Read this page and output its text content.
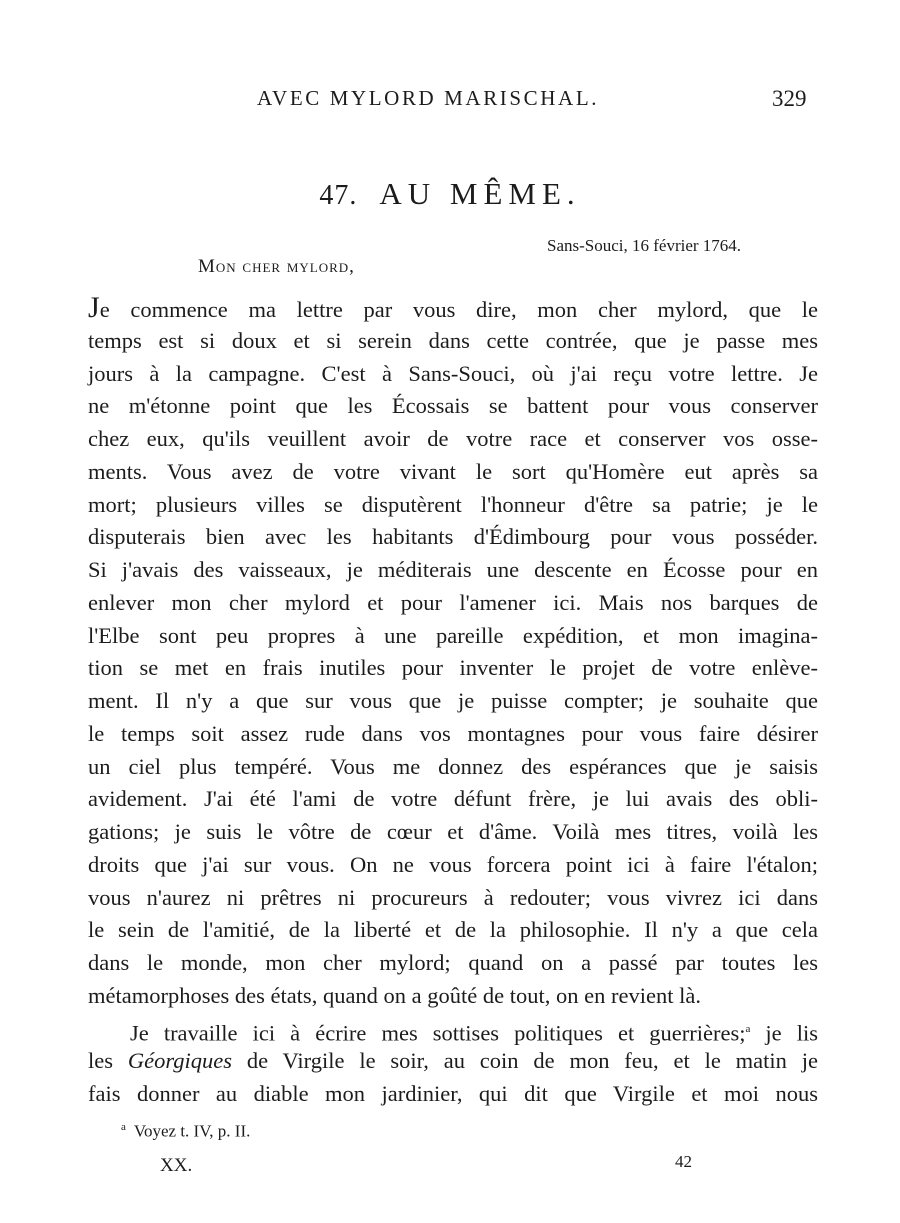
AVEC MYLORD MARISCHAL.	329
47. AU MÊME.
Sans-Souci, 16 février 1764.
Mon cher mylord,
Je commence ma lettre par vous dire, mon cher mylord, que le
temps est si doux et si serein dans cette contrée, que je passe mes
jours à la campagne. C'est à Sans-Souci, où j'ai reçu votre lettre. Je
ne m'étonne point que les Écossais se battent pour vous conserver
chez eux, qu'ils veuillent avoir de votre race et conserver vos osse-
ments. Vous avez de votre vivant le sort qu'Homère eut après sa
mort; plusieurs villes se disputèrent l'honneur d'être sa patrie; je le
disputerais bien avec les habitants d'Édimbourg pour vous posséder.
Si j'avais des vaisseaux, je méditerais une descente en Écosse pour en
enlever mon cher mylord et pour l'amener ici. Mais nos barques de
l'Elbe sont peu propres à une pareille expédition, et mon imagina-
tion se met en frais inutiles pour inventer le projet de votre enlève-
ment. Il n'y a que sur vous que je puisse compter; je souhaite que
le temps soit assez rude dans vos montagnes pour vous faire désirer
un ciel plus tempéré. Vous me donnez des espérances que je saisis
avidement. J'ai été l'ami de votre défunt frère, je lui avais des obli-
gations; je suis le vôtre de cœur et d'âme. Voilà mes titres, voilà les
droits que j'ai sur vous. On ne vous forcera point ici à faire l'étalon;
vous n'aurez ni prêtres ni procureurs à redouter; vous vivrez ici dans
le sein de l'amitié, de la liberté et de la philosophie. Il n'y a que cela
dans le monde, mon cher mylord; quand on a passé par toutes les
métamorphoses des états, quand on a goûté de tout, on en revient là.
Je travaille ici à écrire mes sottises politiques et guerrières;$^a$ je lis
les Géorgiques de Virgile le soir, au coin de mon feu, et le matin je
fais donner au diable mon jardinier, qui dit que Virgile et moi nous
$^a$ Voyez t. IV, p. II.
XX.	42
